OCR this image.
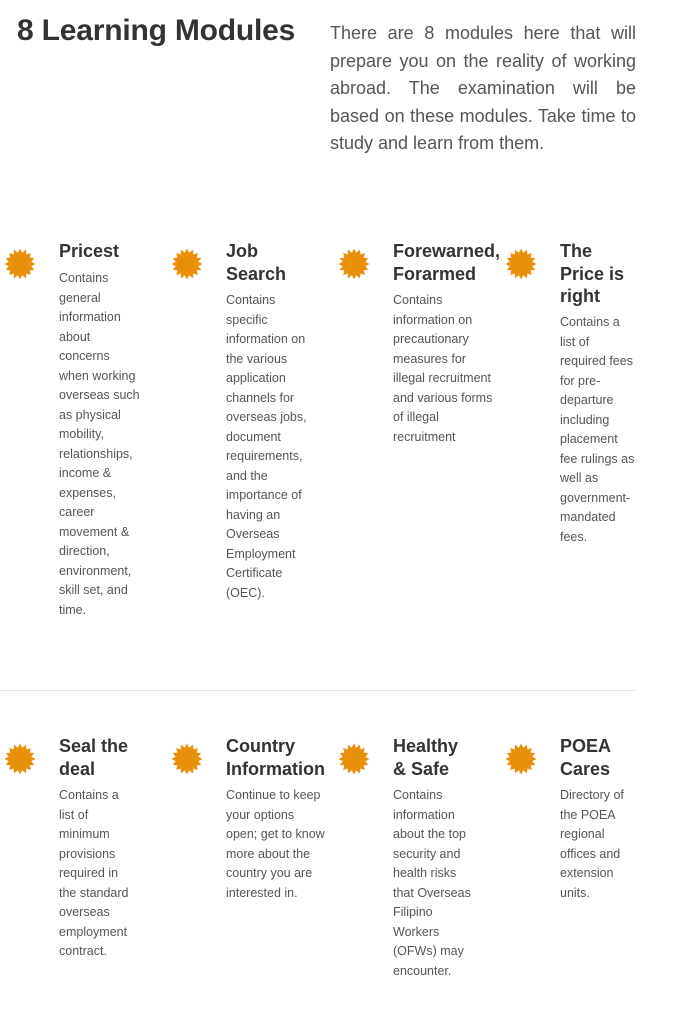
8 Learning Modules There are 8 modules here that will prepare you on the reality of working abroad. The examination will be based on these modules. Take time to study and learn from them.
Pricest
Contains general information about concerns when working overseas such as physical mobility, relationships, income & expenses, career movement & direction, environment, skill set, and time.
Job Search
Contains specific information on the various application channels for overseas jobs, document requirements, and the importance of having an Overseas Employment Certificate (OEC).
Forewarned, Forarmed
Contains information on precautionary measures for illegal recruitment and various forms of illegal recruitment
The Price is right
Contains a list of required fees for pre-departure including placement fee rulings as well as government-mandated fees.
Seal the deal
Contains a list of minimum provisions required in the standard overseas employment contract.
Country Information
Continue to keep your options open; get to know more about the country you are interested in.
Healthy & Safe
Contains information about the top security and health risks that Overseas Filipino Workers (OFWs) may encounter.
POEA Cares
Directory of the POEA regional offices and extension units.
